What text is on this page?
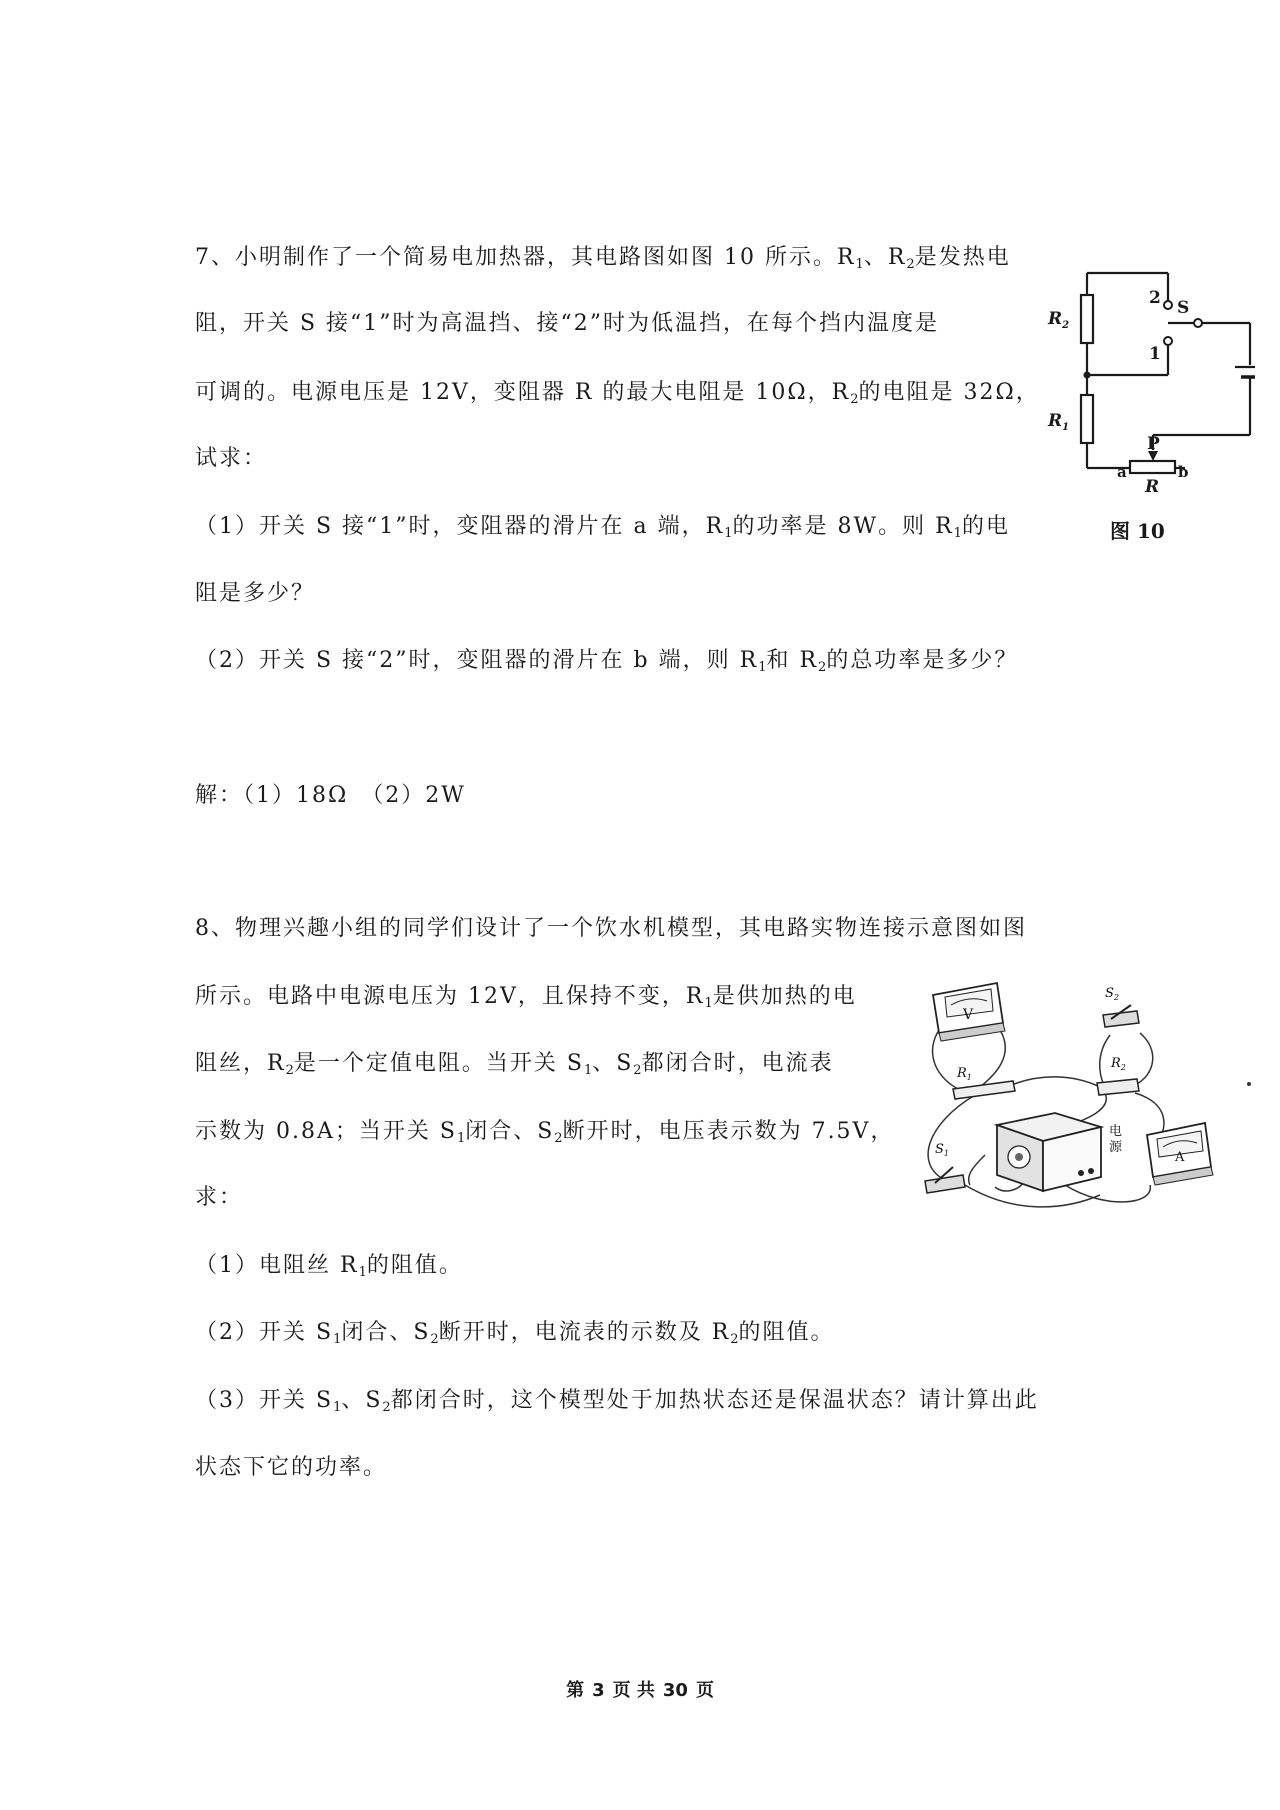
7、小明制作了一个简易电加热器，其电路图如图 10 所示。$R_1$、$R_2$是发热电
阻，开关 S 接“1”时为高温挡、接“2”时为低温挡，在每个挡内温度是
可调的。电源电压是 12V，变阻器 R 的最大电阻是 10Ω，$R_2$的电阻是 32Ω，
试求：
（1）开关 S 接“1”时，变阻器的滑片在 a 端，$R_1$的功率是 8W。则 $R_1$的电
阻是多少？
（2）开关 S 接“2”时，变阻器的滑片在 b 端，则 $R_1$和 $R_2$的总功率是多少？
解：（1）18Ω　（2）2W
$R_2$
$R_1$
2
1
S
P
a	b
R
图 10
8、物理兴趣小组的同学们设计了一个饮水机模型，其电路实物连接示意图如图
所示。电路中电源电压为 12V，且保持不变，$R_1$是供加热的电
阻丝，$R_2$是一个定值电阻。当开关 $S_1$、$S_2$都闭合时，电流表
示数为 0.8A；当开关 $S_1$闭合、$S_2$断开时，电压表示数为 7.5V，
求：
（1）电阻丝 $R_1$的阻值。
（2）开关 $S_1$闭合、$S_2$断开时，电流表的示数及 $R_2$的阻值。
（3）开关 $S_1$、$S_2$都闭合时，这个模型处于加热状态还是保温状态？请计算出此
状态下它的功率。
V
$R_1$
$S_2$
$R_2$
A
$S_1$
电
源
第 3 页 共 30 页
